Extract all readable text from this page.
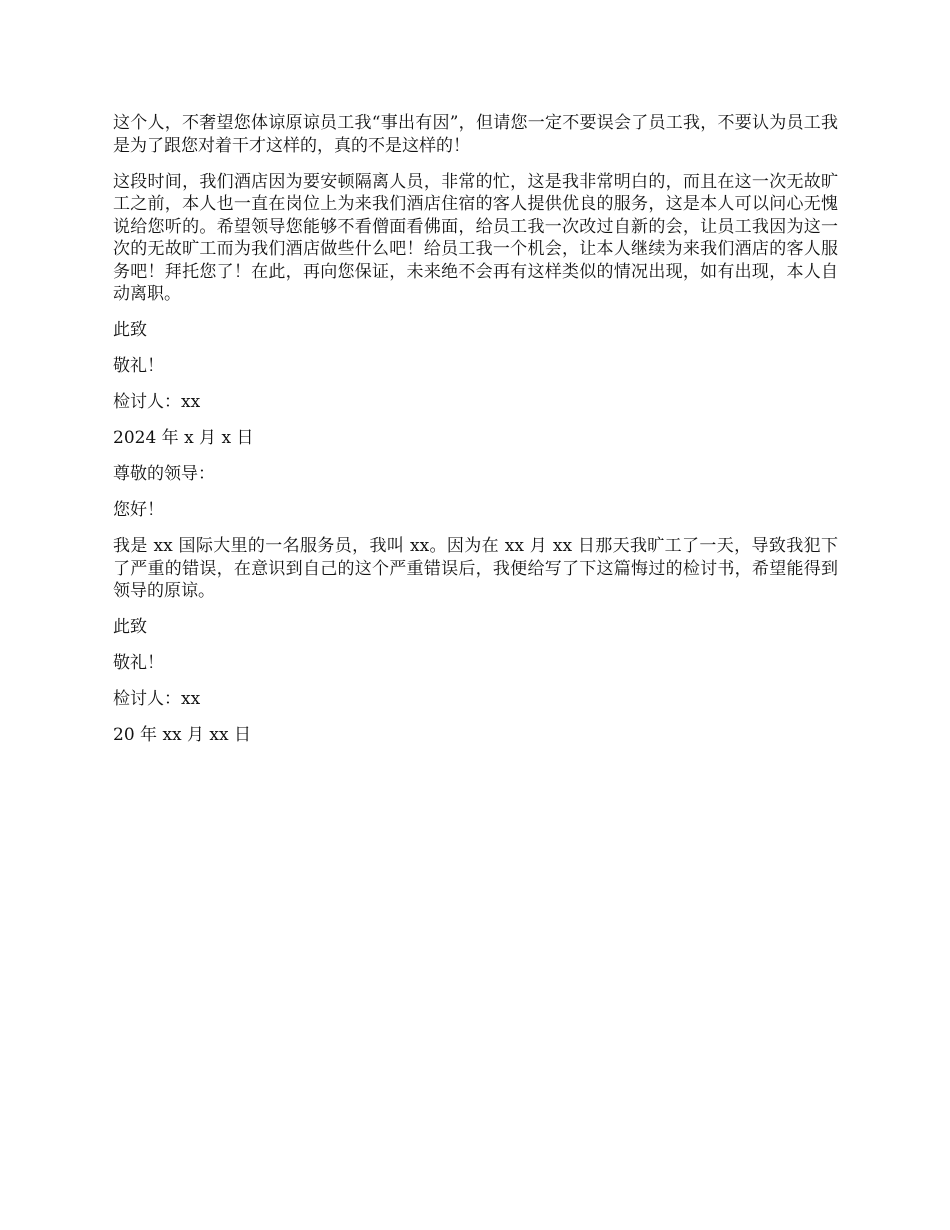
这个人，不奢望您体谅原谅员工我“事出有因”，但请您一定不要误会了员工我，不要认为员工我是为了跟您对着干才这样的，真的不是这样的！

这段时间，我们酒店因为要安顿隔离人员，非常的忙，这是我非常明白的，而且在这一次无故旷工之前，本人也一直在岗位上为来我们酒店住宿的客人提供优良的服务，这是本人可以问心无愧说给您听的。希望领导您能够不看僧面看佛面，给员工我一次改过自新的会，让员工我因为这一次的无故旷工而为我们酒店做些什么吧！给员工我一个机会，让本人继续为来我们酒店的客人服务吧！拜托您了！在此，再向您保证，未来绝不会再有这样类似的情况出现，如有出现，本人自动离职。

此致

敬礼！

检讨人：xx

2024 年 x 月 x 日

尊敬的领导：

您好！

我是 xx 国际大里的一名服务员，我叫 xx。因为在 xx 月 xx 日那天我旷工了一天，导致我犯下了严重的错误，在意识到自己的这个严重错误后，我便给写了下这篇悔过的检讨书，希望能得到领导的原谅。

此致

敬礼！

检讨人：xx

20 年 xx 月 xx 日
